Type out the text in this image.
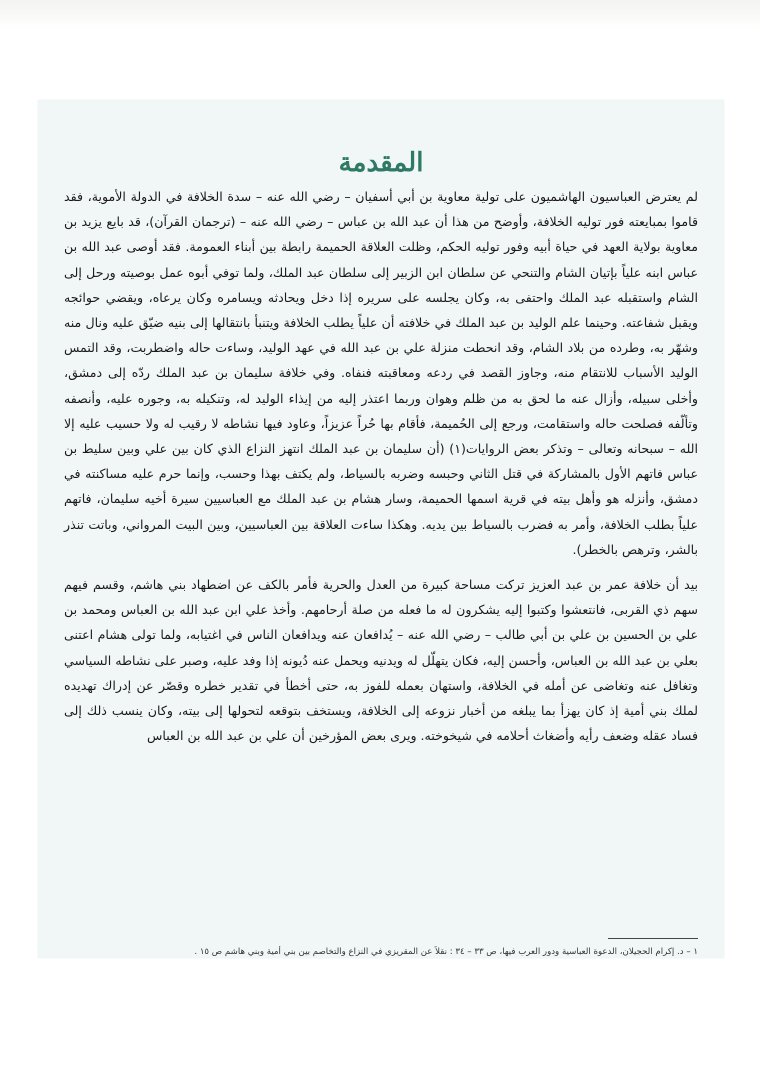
المقدمة

لم يعترض العباسيون الهاشميون على تولية معاوية بن أبي أسفيان – رضي الله عنه – سدة الخلافة في الدولة الأموية، فقد قاموا بمبايعته فور توليه الخلافة، وأوضح من هذا أن عبد الله بن عباس – رضي الله عنه – (ترجمان القرآن)، قد بايع يزيد بن معاوية بولاية العهد في حياة أبيه وفور توليه الحكم، وظلت العلاقة الحميمة رابطة بين أبناء العمومة. فقد أوصى عبد الله بن عباس ابنه علياً بإتيان الشام والتنحي عن سلطان ابن الزبير إلى سلطان عبد الملك، ولما توفي أبوه عمل بوصيته ورحل إلى الشام واستقبله عبد الملك واحتفى به، وكان يجلسه على سريره إذا دخل ويحادثه ويسامره وكان يرعاه، ويقضي حوائجه ويقبل شفاعته. وحينما علم الوليد بن عبد الملك في خلافته أن علياً يطلب الخلافة ويتنبأ بانتقالها إلى بنيه ضيّق عليه ونال منه وشهّر به، وطرده من بلاد الشام، وقد انحطت منزلة علي بن عبد الله في عهد الوليد، وساءت حاله واضطربت، وقد التمس الوليد الأسباب للانتقام منه، وجاوز القصد في ردعه ومعاقبته فنفاه. وفي خلافة سليمان بن عبد الملك ردّه إلى دمشق، وأخلى سبيله، وأزال عنه ما لحق به من ظلم وهوان وربما اعتذر إليه من إيذاء الوليد له، وتنكيله به، وجوره عليه، وأنصفه وتألّفه فصلحت حاله واستقامت، ورجع إلى الحُميمة، فأقام بها حُراً عزيزاً، وعاود فيها نشاطه لا رقيب له ولا حسيب عليه إلا الله – سبحانه وتعالى – وتذكر بعض الروايات(١) (أن سليمان بن عبد الملك انتهز النزاع الذي كان بين علي وبين سليط بن عباس فاتهم الأول بالمشاركة في قتل الثاني وحبسه وضربه بالسياط، ولم يكتف بهذا وحسب، وإنما حرم عليه مساكنته في دمشق، وأنزله هو وأهل بيته في قرية اسمها الحميمة، وسار هشام بن عبد الملك مع العباسيين سيرة أخيه سليمان، فاتهم علياً بطلب الخلافة، وأمر به فضرب بالسياط بين يديه. وهكذا ساءت العلاقة بين العباسيين، وبين البيت المرواني، وباتت تنذر بالشر، وترهص بالخطر).

بيد أن خلافة عمر بن عبد العزيز تركت مساحة كبيرة من العدل والحرية فأمر بالكف عن اضطهاد بني هاشم، وقسم فيهم سهم ذي القربى، فانتعشوا وكتبوا إليه يشكرون له ما فعله من صلة أرحامهم. وأخذ علي ابن عبد الله بن العباس ومحمد بن علي بن الحسين بن علي بن أبي طالب – رضي الله عنه – يُدافعان عنه ويدافعان الناس في اغتيابه، ولما تولى هشام اعتنى بعلي بن عبد الله بن العباس، وأحسن إليه، فكان يتهلّل له ويدنيه ويحمل عنه دُيونه إذا وفد عليه، وصبر على نشاطه السياسي وتغافل عنه وتغاضى عن أمله في الخلافة، واستهان بعمله للفوز به، حتى أخطأ في تقدير خطره وقصّر عن إدراك تهديده لملك بني أمية إذ كان يهزأ بما يبلغه من أخبار نزوعه إلى الخلافة، ويستخف بتوقعه لتحولها إلى بيته، وكان ينسب ذلك إلى فساد عقله وضعف رأيه وأضغاث أحلامه في شيخوخته. ويرى بعض المؤرخين أن علي بن عبد الله بن العباس

١ – د. إكرام الحجيلان، الدعوة العباسية ودور العرب فيها، ص ٣٣ – ٣٤ : نقلاً عن المقريزي في النزاع والتخاصم بين بني أمية وبني هاشم ص ١٥ .
